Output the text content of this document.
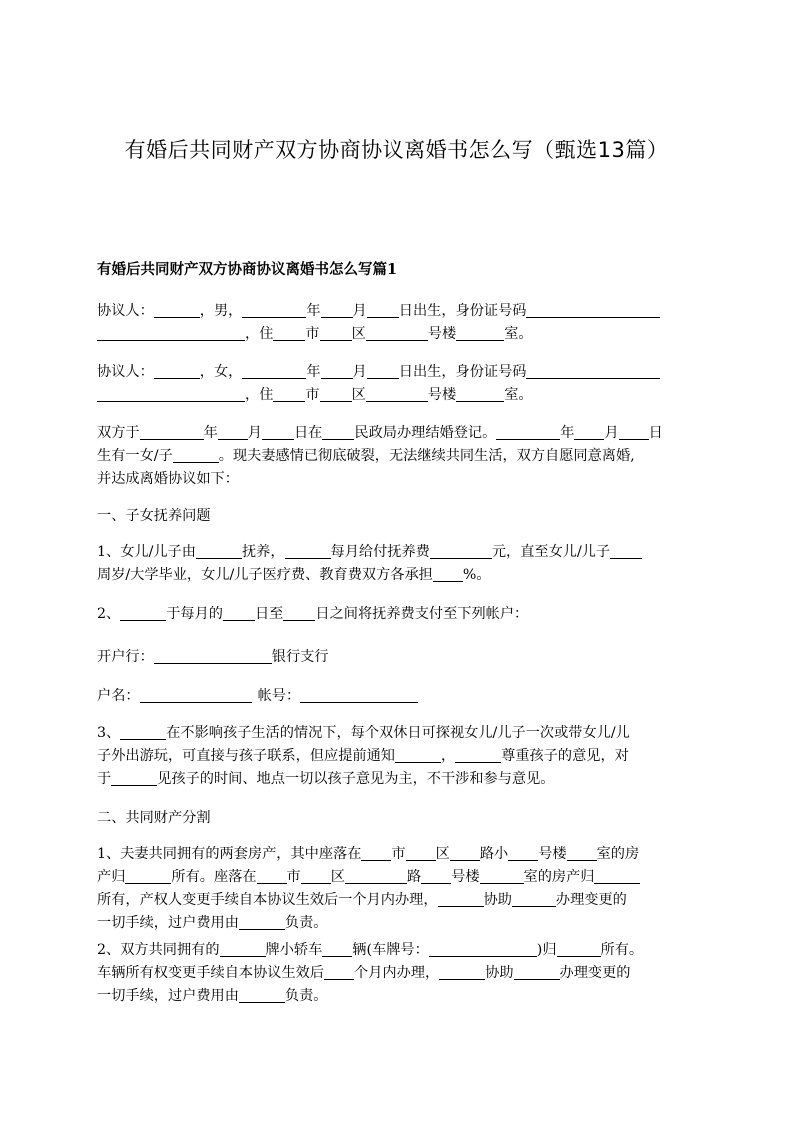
有婚后共同财产双方协商协议离婚书怎么写（甄选13篇）
有婚后共同财产双方协商协议离婚书怎么写篇1
协议人：	，男，	年 月 日出生，身份证号码
，住 市 区	号楼	室。
协议人：	，女，	年 月 日出生，身份证号码
，住 市 区	号楼	室。
双方于	年 月 日在 民政局办理结婚登记。	年 月 日
生有一女/子	。现夫妻感情已彻底破裂，无法继续共同生活，双方自愿同意离婚,
并达成离婚协议如下：
一、子女抚养问题
1、女儿/儿子由	抚养，	每月给付抚养费	元，直至女儿/儿子
周岁/大学毕业，女儿/儿子医疗费、教育费双方各承担 %。
2、	于每月的 日至 日之间将抚养费支付至下列帐户：
开户行：	银行支行
户名：	帐号：
3、	在不影响孩子生活的情况下，每个双休日可探视女儿/儿子一次或带女儿/儿
子外出游玩，可直接与孩子联系，但应提前通知	，	尊重孩子的意见，对
于	见孩子的时间、地点一切以孩子意见为主，不干涉和参与意见。
二、共同财产分割
1、夫妻共同拥有的两套房产，其中座落在 市 区 路小 号楼 室的房
产归	所有。座落在 市 区	路 号楼	室的房产归
所有，产权人变更手续自本协议生效后一个月内办理，	协助	办理变更的
一切手续，过户费用由	负责。
2、双方共同拥有的	牌小轿车 辆(车牌号：	)归	所有。
车辆所有权变更手续自本协议生效后 个月内办理，	协助	办理变更的
一切手续，过户费用由	负责。
